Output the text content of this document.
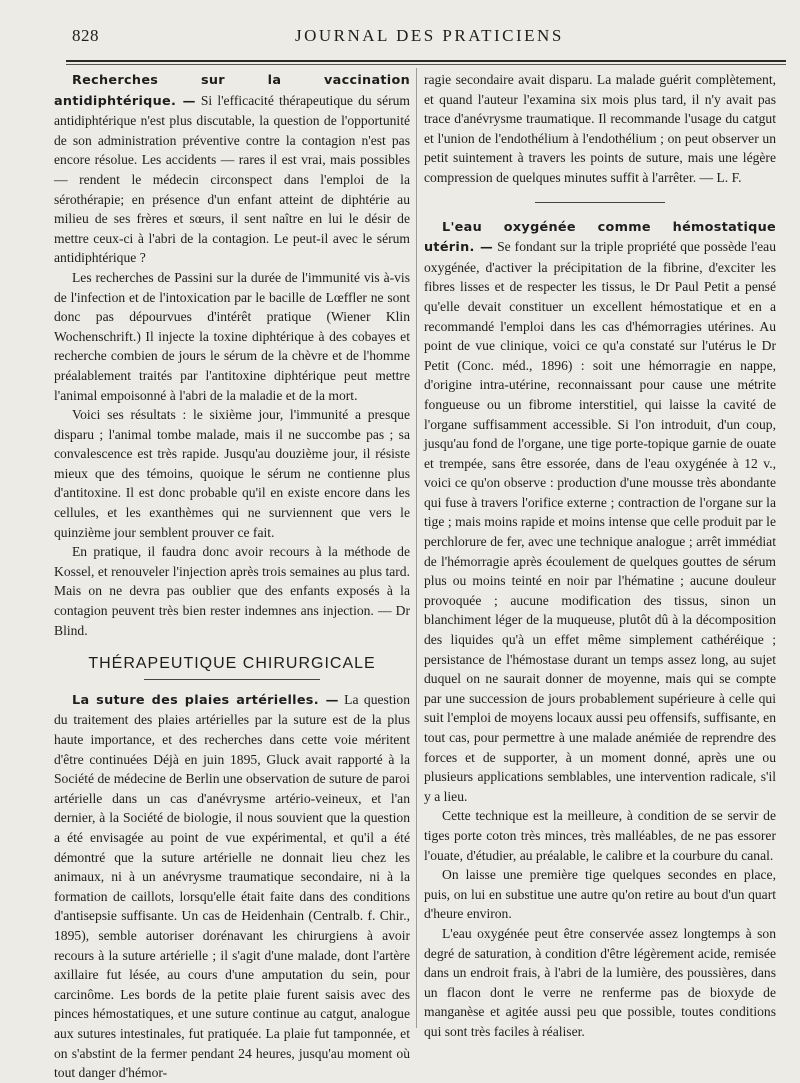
828	JOURNAL DES PRATICIENS

Recherches sur la vaccination antidiphtérique. — Si l'efficacité thérapeutique du sérum antidiphtérique n'est plus discutable, la question de l'opportunité de son administration préventive contre la contagion n'est pas encore résolue. Les accidents — rares il est vrai, mais possibles — rendent le médecin circonspect dans l'emploi de la sérothérapie; en présence d'un enfant atteint de diphtérie au milieu de ses frères et sœurs, il sent naître en lui le désir de mettre ceux-ci à l'abri de la contagion. Le peut-il avec le sérum antidiphtérique ?

Les recherches de Passini sur la durée de l'immunité vis à-vis de l'infection et de l'intoxication par le bacille de Lœffler ne sont donc pas dépourvues d'intérêt pratique (Wiener Klin Wochenschrift.) Il injecte la toxine diphtérique à des cobayes et recherche combien de jours le sérum de la chèvre et de l'homme préalablement traités par l'antitoxine diphtérique peut mettre l'animal empoisonné à l'abri de la maladie et de la mort.

Voici ses résultats : le sixième jour, l'immunité a presque disparu ; l'animal tombe malade, mais il ne succombe pas ; sa convalescence est très rapide. Jusqu'au douzième jour, il résiste mieux que des témoins, quoique le sérum ne contienne plus d'antitoxine. Il est donc probable qu'il en existe encore dans les cellules, et les exanthèmes qui ne surviennent que vers le quinzième jour semblent prouver ce fait.

En pratique, il faudra donc avoir recours à la méthode de Kossel, et renouveler l'injection après trois semaines au plus tard. Mais on ne devra pas oublier que des enfants exposés à la contagion peuvent très bien rester indemnes ans injection. — Dr Blind.

THÉRAPEUTIQUE CHIRURGICALE

La suture des plaies artérielles. — La question du traitement des plaies artérielles par la suture est de la plus haute importance, et des recherches dans cette voie méritent d'être continuées Déjà en juin 1895, Gluck avait rapporté à la Société de médecine de Berlin une observation de suture de paroi artérielle dans un cas d'anévrysme artério-veineux, et l'an dernier, à la Société de biologie, il nous souvient que la question a été envisagée au point de vue expérimental, et qu'il a été démontré que la suture artérielle ne donnait lieu chez les animaux, ni à un anévrysme traumatique secondaire, ni à la formation de caillots, lorsqu'elle était faite dans des conditions d'antisepsie suffisante. Un cas de Heidenhain (Centralb. f. Chir., 1895), semble autoriser dorénavant les chirurgiens à avoir recours à la suture artérielle ; il s'agit d'une malade, dont l'artère axillaire fut lésée, au cours d'une amputation du sein, pour carcinôme. Les bords de la petite plaie furent saisis avec des pinces hémostatiques, et une suture continue au catgut, analogue aux sutures intestinales, fut pratiquée. La plaie fut tamponnée, et on s'abstint de la fermer pendant 24 heures, jusqu'au moment où tout danger d'hémor-

ragie secondaire avait disparu. La malade guérit complètement, et quand l'auteur l'examina six mois plus tard, il n'y avait pas trace d'anévrysme traumatique. Il recommande l'usage du catgut et l'union de l'endothélium à l'endothélium ; on peut observer un petit suintement à travers les points de suture, mais une légère compression de quelques minutes suffit à l'arrêter. — L. F.

L'eau oxygénée comme hémostatique utérin. — Se fondant sur la triple propriété que possède l'eau oxygénée, d'activer la précipitation de la fibrine, d'exciter les fibres lisses et de respecter les tissus, le Dr Paul Petit a pensé qu'elle devait constituer un excellent hémostatique et en a recommandé l'emploi dans les cas d'hémorragies utérines. Au point de vue clinique, voici ce qu'a constaté sur l'utérus le Dr Petit (Conc. méd., 1896) : soit une hémorragie en nappe, d'origine intra-utérine, reconnaissant pour cause une métrite fongueuse ou un fibrome interstitiel, qui laisse la cavité de l'organe suffisamment accessible. Si l'on introduit, d'un coup, jusqu'au fond de l'organe, une tige porte-topique garnie de ouate et trempée, sans être essorée, dans de l'eau oxygénée à 12 v., voici ce qu'on observe : production d'une mousse très abondante qui fuse à travers l'orifice externe ; contraction de l'organe sur la tige ; mais moins rapide et moins intense que celle produit par le perchlorure de fer, avec une technique analogue ; arrêt immédiat de l'hémorragie après écoulement de quelques gouttes de sérum plus ou moins teinté en noir par l'hématine ; aucune douleur provoquée ; aucune modification des tissus, sinon un blanchiment léger de la muqueuse, plutôt dû à la décomposition des liquides qu'à un effet même simplement cathéréique ; persistance de l'hémostase durant un temps assez long, au sujet duquel on ne saurait donner de moyenne, mais qui se compte par une succession de jours probablement supérieure à celle qui suit l'emploi de moyens locaux aussi peu offensifs, suffisante, en tout cas, pour permettre à une malade anémiée de reprendre des forces et de supporter, à un moment donné, après une ou plusieurs applications semblables, une intervention radicale, s'il y a lieu.

Cette technique est la meilleure, à condition de se servir de tiges porte coton très minces, très malléables, de ne pas essorer l'ouate, d'étudier, au préalable, le calibre et la courbure du canal.

On laisse une première tige quelques secondes en place, puis, on lui en substitue une autre qu'on retire au bout d'un quart d'heure environ.

L'eau oxygénée peut être conservée assez longtemps à son degré de saturation, à condition d'être légèrement acide, remisée dans un endroit frais, à l'abri de la lumière, des poussières, dans un flacon dont le verre ne renferme pas de bioxyde de manganèse et agitée aussi peu que possible, toutes conditions qui sont très faciles à réaliser.
